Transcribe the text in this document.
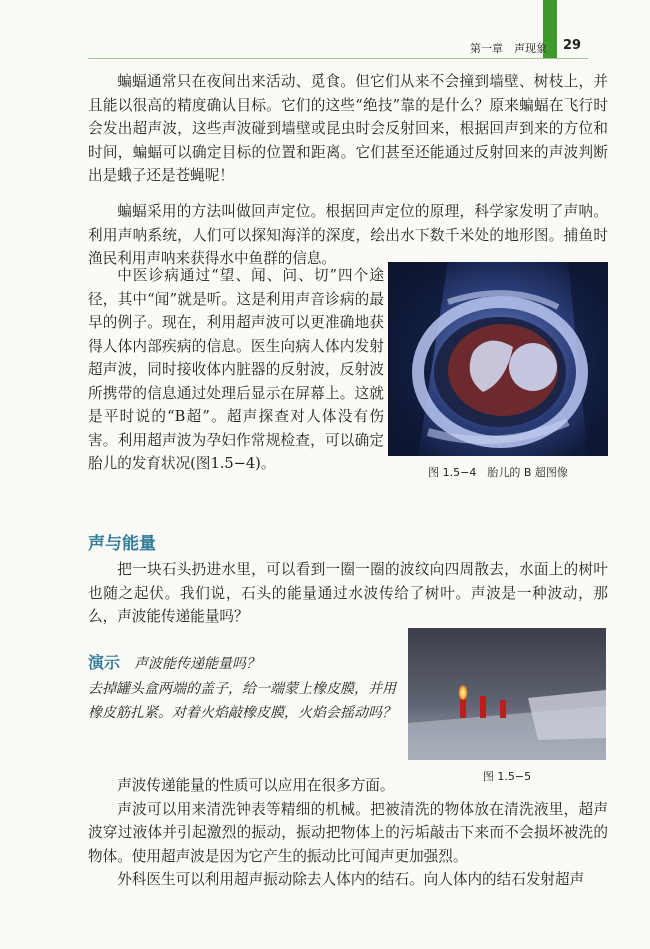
第一章　声现象 29

蝙蝠通常只在夜间出来活动、觅食。但它们从来不会撞到墙壁、树枝上，并且能以很高的精度确认目标。它们的这些“绝技”靠的是什么？原来蝙蝠在飞行时会发出超声波，这些声波碰到墙壁或昆虫时会反射回来，根据回声到来的方位和时间，蝙蝠可以确定目标的位置和距离。它们甚至还能通过反射回来的声波判断出是蛾子还是苍蝇呢！

蝙蝠采用的方法叫做回声定位。根据回声定位的原理，科学家发明了声呐。利用声呐系统，人们可以探知海洋的深度，绘出水下数千米处的地形图。捕鱼时渔民利用声呐来获得水中鱼群的信息。

中医诊病通过“望、闻、问、切”四个途径，其中“闻”就是听。这是利用声音诊病的最早的例子。现在，利用超声波可以更准确地获得人体内部疾病的信息。医生向病人体内发射超声波，同时接收体内脏器的反射波，反射波所携带的信息通过处理后显示在屏幕上。这就是平时说的“B超”。超声探查对人体没有伤害。利用超声波为孕妇作常规检查，可以确定胎儿的发育状况(图1.5−4)。

图 1.5−4　胎儿的 B 超图像
声与能量

把一块石头扔进水里，可以看到一圈一圈的波纹向四周散去，水面上的树叶也随之起伏。我们说，石头的能量通过水波传给了树叶。声波是一种波动，那么，声波能传递能量吗？

演示 声波能传递能量吗？
去掉罐头盒两端的盖子，给一端蒙上橡皮膜，并用橡皮筋扎紧。对着火焰敲橡皮膜，火焰会摇动吗？
图 1.5−5

声波传递能量的性质可以应用在很多方面。

声波可以用来清洗钟表等精细的机械。把被清洗的物体放在清洗液里，超声波穿过液体并引起激烈的振动，振动把物体上的污垢敲击下来而不会损坏被洗的物体。使用超声波是因为它产生的振动比可闻声更加强烈。

外科医生可以利用超声振动除去人体内的结石。向人体内的结石发射超声
